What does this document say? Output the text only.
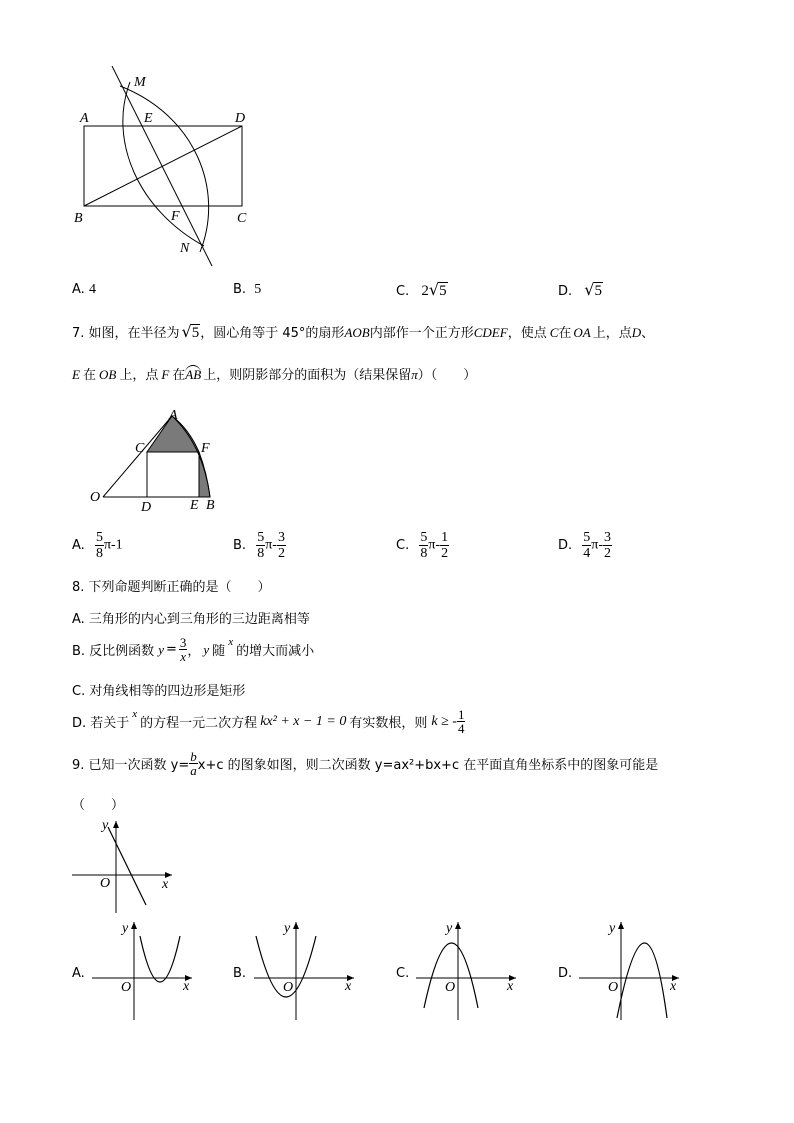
M
A	E	D
B	F	C
N
A. 4	B. 5	C. 2√5	D. √5
7. 如图，在半径为 √5，圆心角等于 45°的扇形AOB内部作一个正方形CDEF，使点 C在 OA 上，点D、
E 在 OB 上，点 F 在AB 上，则阴影部分的面积为（结果保留π）（　　）
A
C	F
O
D	E B
A. $\frac{5}{8} \pi-1$	B. $\frac{5}{8} \pi- \frac{3}{2}$	C. $\frac{5}{8} \pi- \frac{1}{2}$	D. $\frac{5}{4} \pi- \frac{3}{2}$
8. 下列命题判断正确的是（　　）
A. 三角形的内心到三角形的三边距离相等
B. 反比例函数 $y = \frac{3}{x}$ ， y 随$^x$的增大而减小
C. 对角线相等的四边形是矩形
D. 若关于$^x$的方程一元二次方程 kx² + x − 1 = 0 有实数根，则 k ≥ - $\frac{1}{4}$
9. 已知一次函数 $y= \frac{b}{a} x+c$ 的图象如图，则二次函数 y=ax²+bx+c 在平面直角坐标系中的图象可能是
（　　）
y
x
O
A.
y
x
O
B.
y
x
O
C.
y
x
O
D.
y
x
O
